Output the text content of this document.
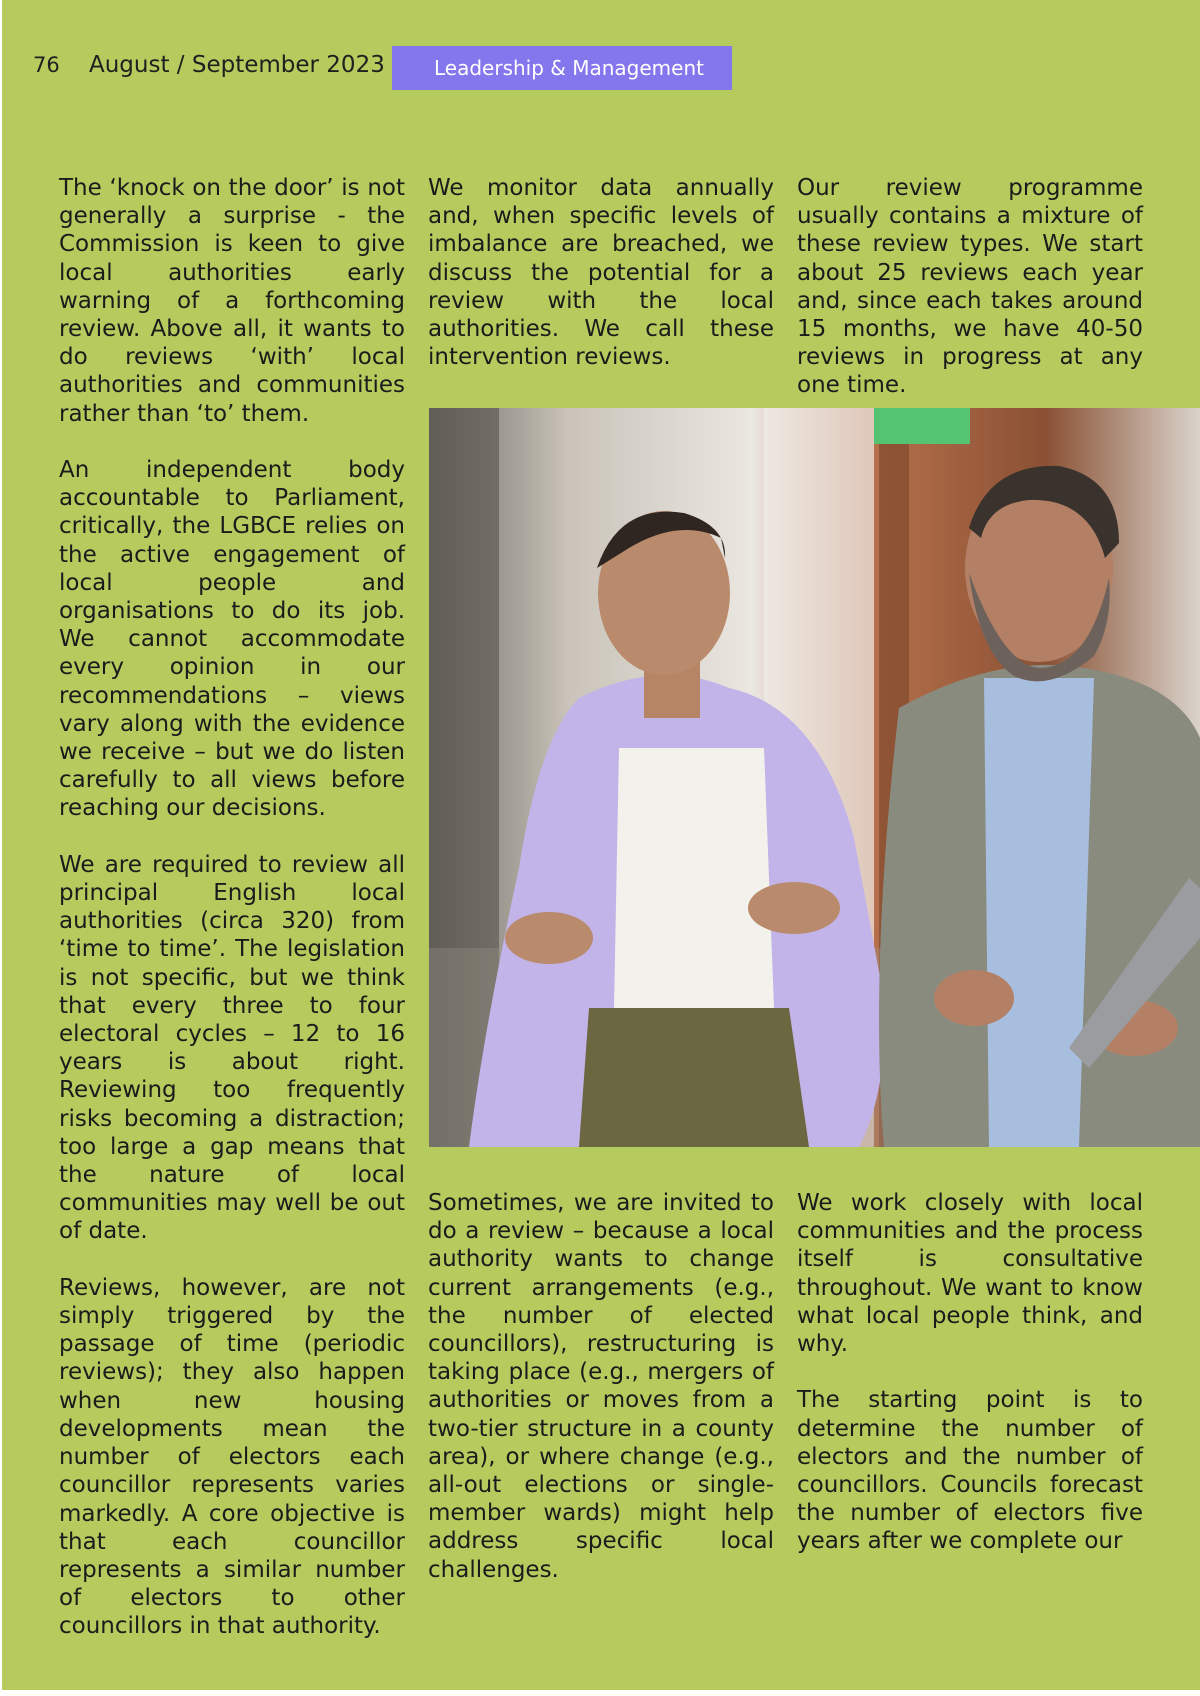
76 August / September 2023 Leadership & Management

The ‘knock on the door’ is not generally a surprise - the Commission is keen to give local authorities early warning of a forthcoming review. Above all, it wants to do reviews ‘with’ local authorities and communities rather than ‘to’ them.

An independent body accountable to Parliament, critically, the LGBCE relies on the active engagement of local people and organisations to do its job. We cannot accommodate every opinion in our recommendations – views vary along with the evidence we receive – but we do listen carefully to all views before reaching our decisions.

We are required to review all principal English local authorities (circa 320) from ‘time to time’. The legislation is not specific, but we think that every three to four electoral cycles – 12 to 16 years is about right. Reviewing too frequently risks becoming a distraction; too large a gap means that the nature of local communities may well be out of date.

Reviews, however, are not simply triggered by the passage of time (periodic reviews); they also happen when new housing developments mean the number of electors each councillor represents varies markedly. A core objective is that each councillor represents a similar number of electors to other councillors in that authority.

We monitor data annually and, when specific levels of imbalance are breached, we discuss the potential for a review with the local authorities. We call these intervention reviews.

Our review programme usually contains a mixture of these review types. We start about 25 reviews each year and, since each takes around 15 months, we have 40-50 reviews in progress at any one time.

Sometimes, we are invited to do a review – because a local authority wants to change current arrangements (e.g., the number of elected councillors), restructuring is taking place (e.g., mergers of authorities or moves from a two-tier structure in a county area), or where change (e.g., all-out elections or single-member wards) might help address specific local challenges.

We work closely with local communities and the process itself is consultative throughout. We want to know what local people think, and why.

The starting point is to determine the number of electors and the number of councillors. Councils forecast the number of electors five years after we complete our
